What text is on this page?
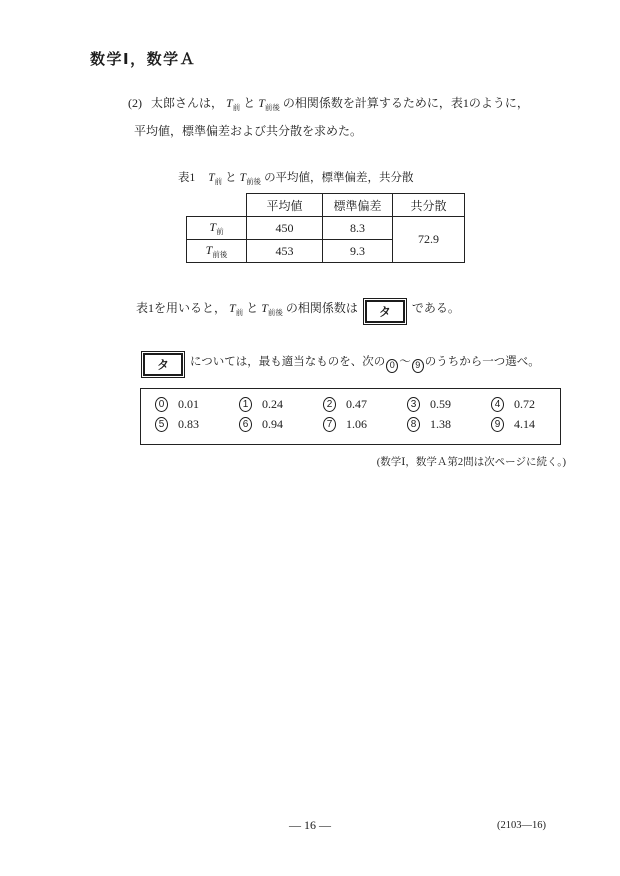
数学Ⅰ，数学Ａ
(2) 太郎さんは， $T_前$ と $T_{前後}$ の相関係数を計算するために，表1のように，
平均値，標準偏差および共分散を求めた。
表1 $T_前$ と $T_{前後}$ の平均値，標準偏差，共分散
	平均値	標準偏差	共分散
$T_前$	450	8.3	72.9
$T_{前後}$	453	9.3	
表1を用いると， $T_前$ と $T_{前後}$ の相関係数は タ である。
タ については，最も適当なものを、次の 0 〜 9 のうちから一つ選べ。
0	0.01	1	0.24	2	0.47	3	0.59	4	0.72
5	0.83	6	0.94	7	1.06	8	1.38	9	4.14
(数学Ⅰ，数学Ａ第2問は次ページに続く。)
— 16 —	(2103—16)
